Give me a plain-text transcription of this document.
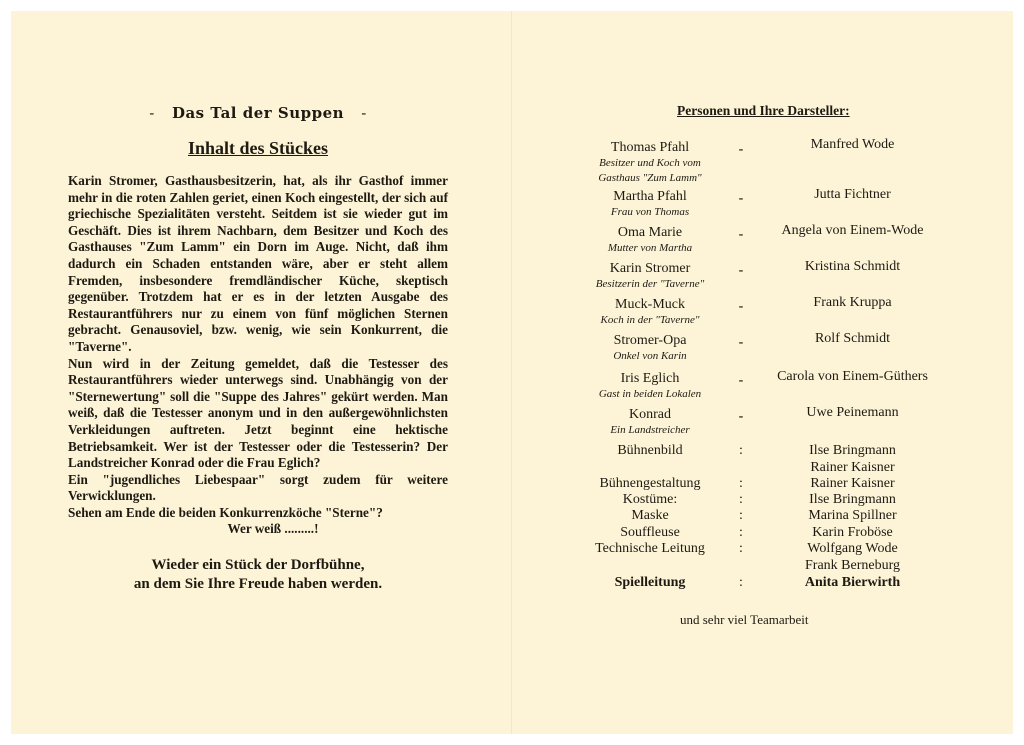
- Das Tal der Suppen -
Inhalt des Stückes

Karin Stromer, Gasthausbesitzerin, hat, als ihr Gasthof immer mehr in die roten Zahlen geriet, einen Koch eingestellt, der sich auf griechische Spezialitäten versteht. Seitdem ist sie wieder gut im Geschäft. Dies ist ihrem Nachbarn, dem Besitzer und Koch des Gasthauses "Zum Lamm" ein Dorn im Auge. Nicht, daß ihm dadurch ein Schaden entstanden wäre, aber er steht allem Fremden, insbesondere fremdländischer Küche, skeptisch gegenüber. Trotzdem hat er es in der letzten Ausgabe des Restaurantführers nur zu einem von fünf möglichen Sternen gebracht. Genausoviel, bzw. wenig, wie sein Konkurrent, die "Taverne".

Nun wird in der Zeitung gemeldet, daß die Testesser des Restaurantführers wieder unterwegs sind. Unabhängig von der "Sternewertung" soll die "Suppe des Jahres" gekürt werden. Man weiß, daß die Testesser anonym und in den außergewöhnlichsten Verkleidungen auftreten. Jetzt beginnt eine hektische Betriebsamkeit. Wer ist der Testesser oder die Testesserin? Der Landstreicher Konrad oder die Frau Eglich?

Ein "jugendliches Liebespaar" sorgt zudem für weitere Verwicklungen.

Sehen am Ende die beiden Konkurrenzköche "Sterne"?

Wer weiß .........!

Wieder ein Stück der Dorfbühne,
an dem Sie Ihre Freude haben werden.
Personen und Ihre Darsteller:
Thomas Pfahl
Besitzer und Koch vom Gasthaus "Zum Lamm"
-	Manfred Wode
Martha Pfahl
Frau von Thomas
-	Jutta Fichtner
Oma Marie
Mutter von Martha
-	Angela von Einem-Wode
Karin Stromer
Besitzerin der "Taverne"
-	Kristina Schmidt
Muck-Muck
Koch in der "Taverne"
-	Frank Kruppa
Stromer-Opa
Onkel von Karin
-	Rolf Schmidt
Iris Eglich
Gast in beiden Lokalen
-	Carola von Einem-Güthers
Konrad
Ein Landstreicher
-	Uwe Peinemann
Bühnenbild	:	Ilse Bringmann
Rainer Kaisner
Bühnengestaltung	:	Rainer Kaisner
Kostüme:	:	Ilse Bringmann
Maske	:	Marina Spillner
Souffleuse	:	Karin Froböse
Technische Leitung	:	Wolfgang Wode
Frank Berneburg
Spielleitung	:	Anita Bierwirth
und sehr viel Teamarbeit
